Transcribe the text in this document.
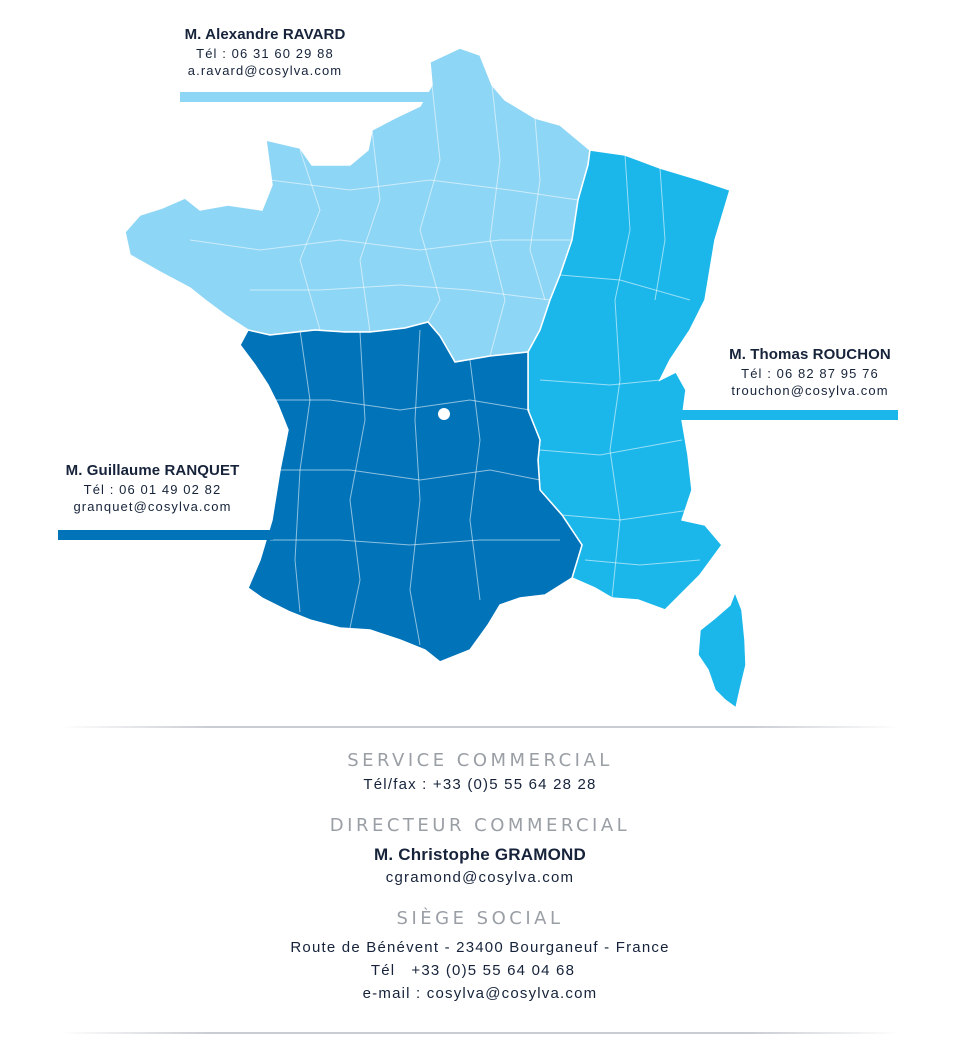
M. Alexandre RAVARD
Tél : 06 31 60 29 88
a.ravard@cosylva.com
M. Thomas ROUCHON
Tél : 06 82 87 95 76
trouchon@cosylva.com
M. Guillaume RANQUET
Tél : 06 01 49 02 82
granquet@cosylva.com
SERVICE COMMERCIAL
Tél/fax : +33 (0)5 55 64 28 28
DIRECTEUR COMMERCIAL
M. Christophe GRAMOND
cgramond@cosylva.com
SIÈGE SOCIAL
Route de Bénévent - 23400 Bourganeuf - France
Tél   +33 (0)5 55 64 04 68
e-mail : cosylva@cosylva.com
